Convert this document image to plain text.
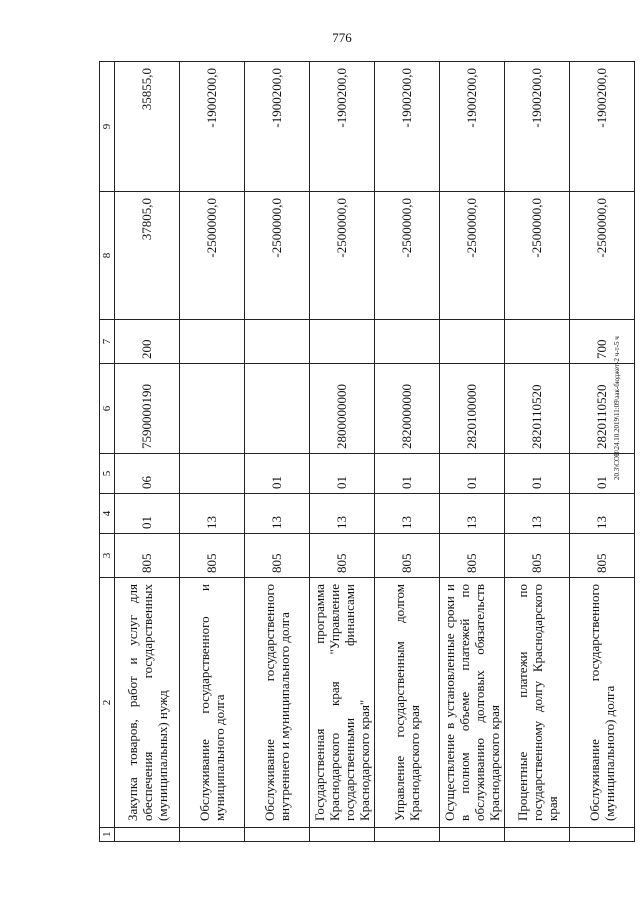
776
20.3\COB\24.10.2019\11:09\зак-бюджет-2 ч-т-5 ч
1	2	3	4	5	6	7	8	9
	Закупка товаров, работ и услуг для обеспечения государственных (муниципальных) нужд	805	01	06	7590000190	200	37805,0	35855,0
	Обслуживание государственного и муниципального долга	805	13				-2500000,0	-1900200,0
	Обслуживание государственного внутреннего и муниципального долга	805	13	01			-2500000,0	-1900200,0
	Государственная программа Краснодарского края "Управление государственными финансами Краснодарского края"	805	13	01	2800000000		-2500000,0	-1900200,0
	Управление государственным долгом Краснодарского края	805	13	01	2820000000		-2500000,0	-1900200,0
	Осуществление в установленные сроки и в полном объеме платежей по обслуживанию долговых обязательств Краснодарского края	805	13	01	2820100000		-2500000,0	-1900200,0
	Процентные платежи по государственному долгу Краснодарского края	805	13	01	2820110520		-2500000,0	-1900200,0
	Обслуживание государственного (муниципального) долга	805	13	01	2820110520	700	-2500000,0	-1900200,0
